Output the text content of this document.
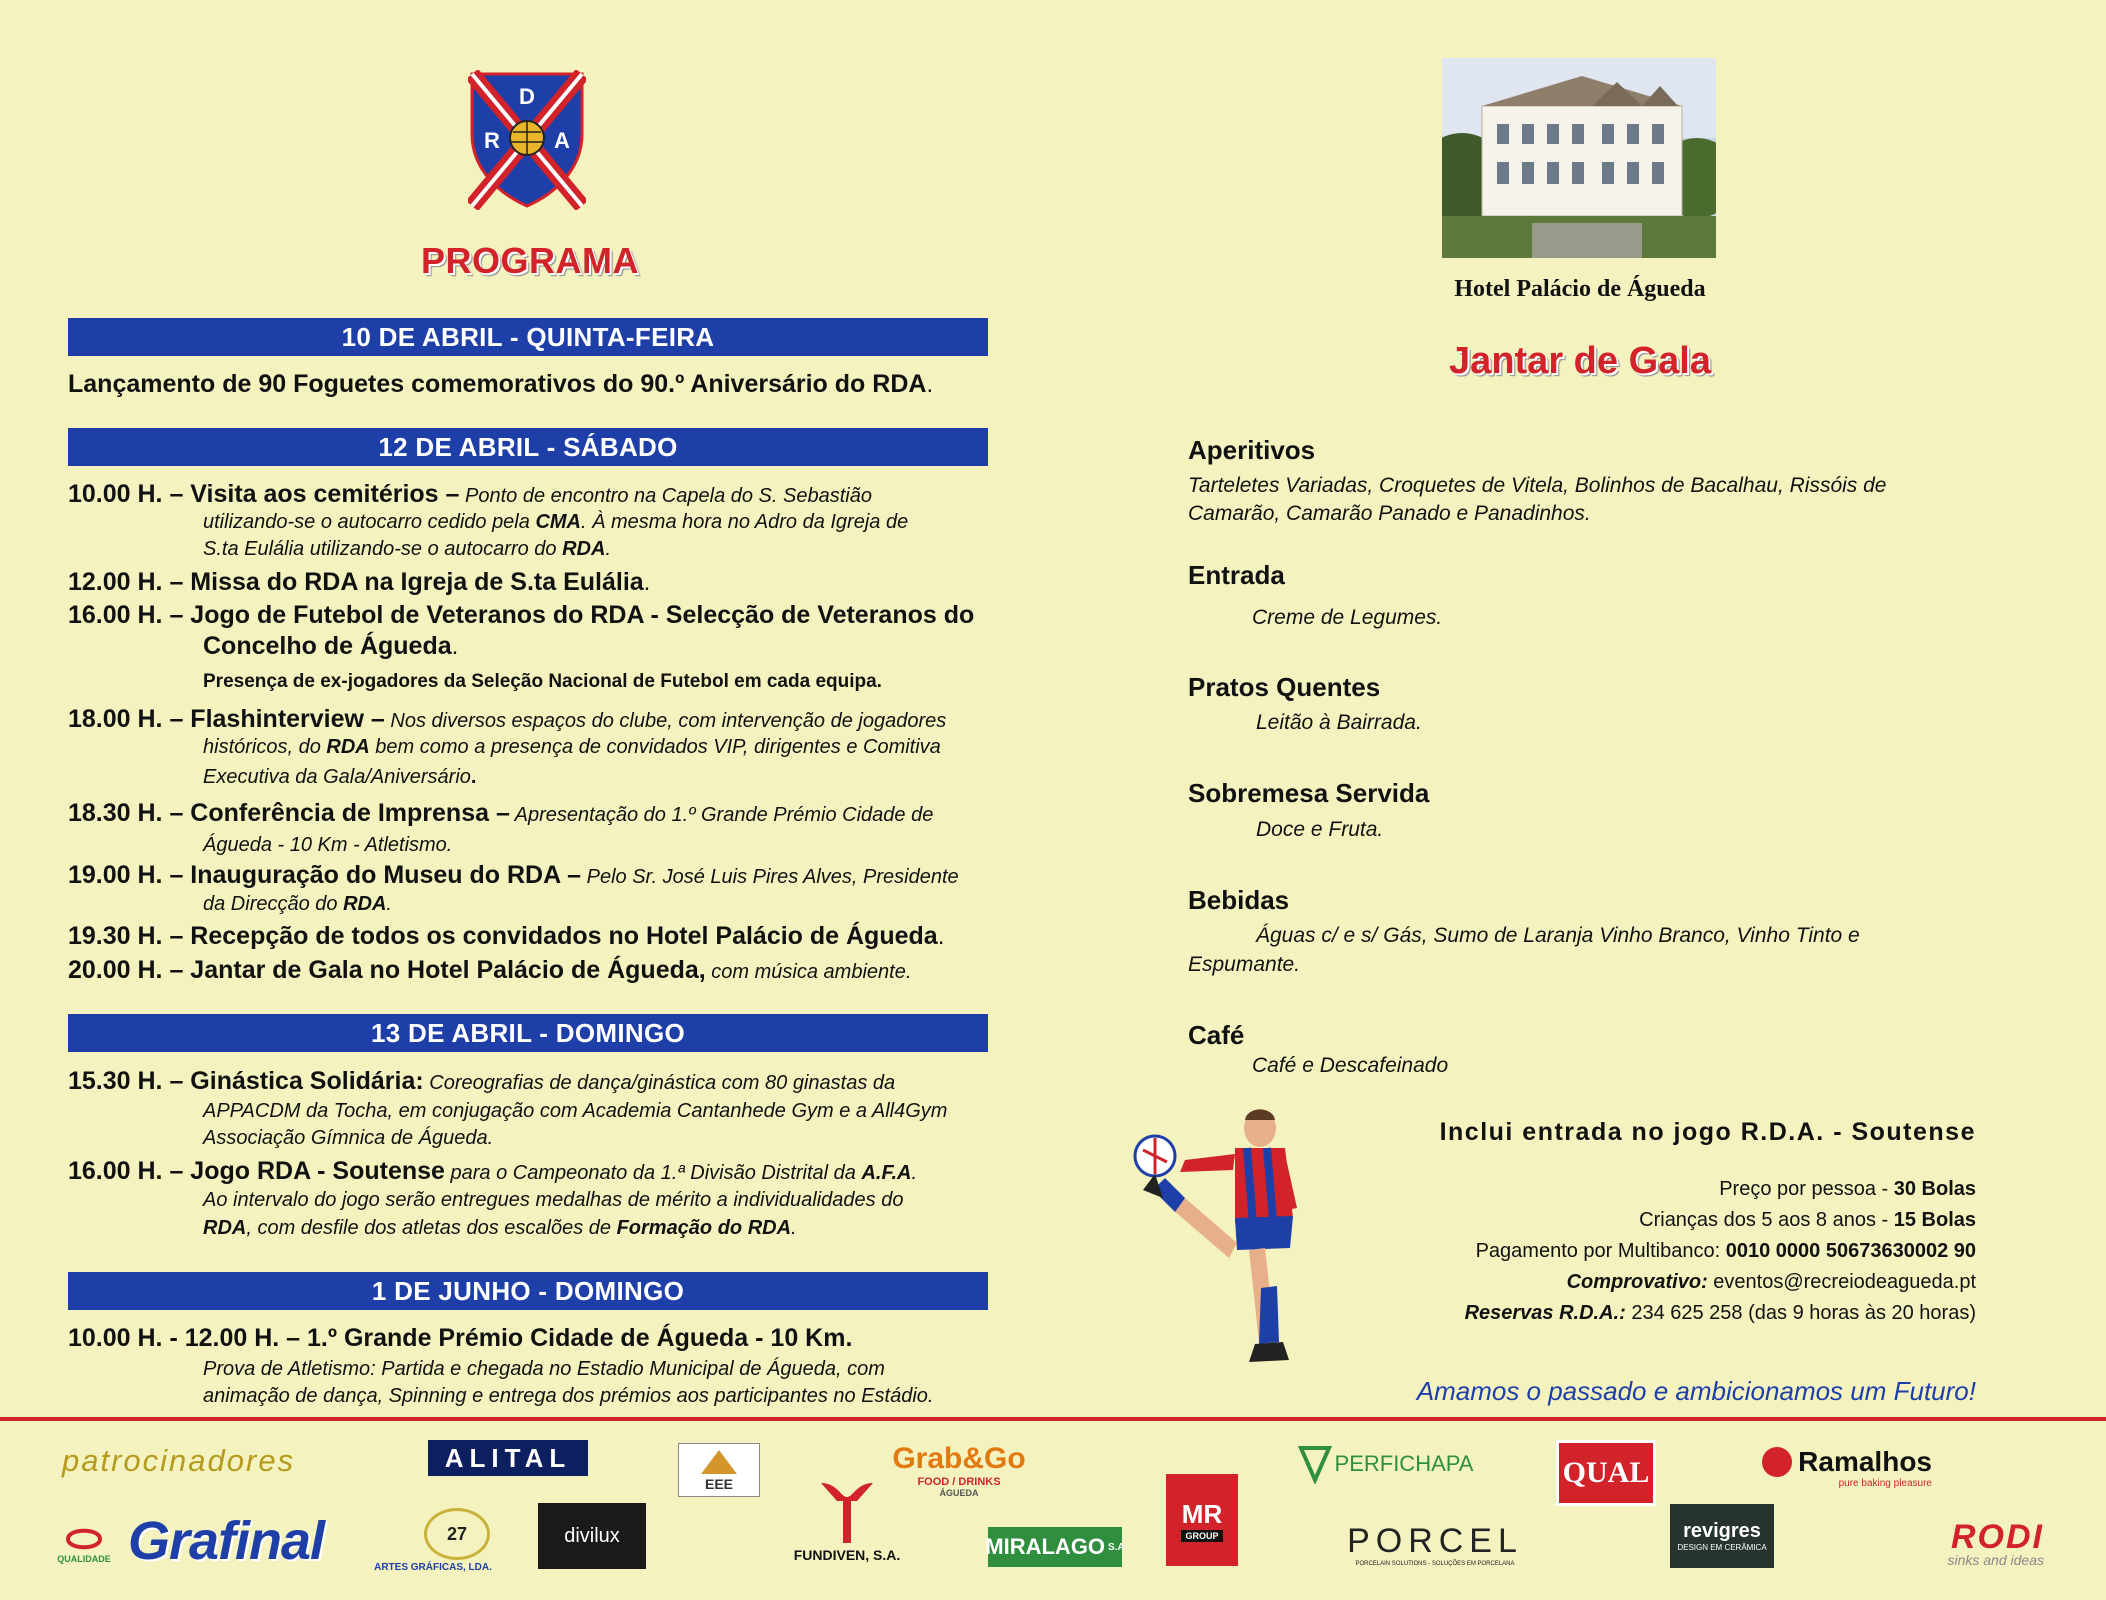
D
R A
PROGRAMA
10 DE ABRIL - QUINTA-FEIRA
Lançamento de 90 Foguetes comemorativos do 90.º Aniversário do RDA.
12 DE ABRIL - SÁBADO
10.00 H. – Visita aos cemitérios – Ponto de encontro na Capela do S. Sebastião
utilizando-se o autocarro cedido pela CMA. À mesma hora no Adro da Igreja de
S.ta Eulália utilizando-se o autocarro do RDA.
12.00 H. – Missa do RDA na Igreja de S.ta Eulália.
16.00 H. – Jogo de Futebol de Veteranos do RDA - Selecção de Veteranos do
Concelho de Águeda.
Presença de ex-jogadores da Seleção Nacional de Futebol em cada equipa.
18.00 H. – Flashinterview – Nos diversos espaços do clube, com intervenção de jogadores
históricos, do RDA bem como a presença de convidados VIP, dirigentes e Comitiva
Executiva da Gala/Aniversário.
18.30 H. – Conferência de Imprensa – Apresentação do 1.º Grande Prémio Cidade de
Águeda - 10 Km - Atletismo.
19.00 H. – Inauguração do Museu do RDA – Pelo Sr. José Luis Pires Alves, Presidente
da Direcção do RDA.
19.30 H. – Recepção de todos os convidados no Hotel Palácio de Águeda.
20.00 H. – Jantar de Gala no Hotel Palácio de Águeda, com música ambiente.
13 DE ABRIL - DOMINGO
15.30 H. – Ginástica Solidária: Coreografias de dança/ginástica com 80 ginastas da
APPACDM da Tocha, em conjugação com Academia Cantanhede Gym e a All4Gym
Associação Gímnica de Águeda.
16.00 H. – Jogo RDA - Soutense para o Campeonato da 1.ª Divisão Distrital da A.F.A.
Ao intervalo do jogo serão entregues medalhas de mérito a individualidades do
RDA, com desfile dos atletas dos escalões de Formação do RDA.
1 DE JUNHO - DOMINGO
10.00 H. - 12.00 H. – 1.º Grande Prémio Cidade de Águeda - 10 Km.
Prova de Atletismo: Partida e chegada no Estadio Municipal de Águeda, com
animação de dança, Spinning e entrega dos prémios aos participantes no Estádio.
Hotel Palácio de Águeda
Jantar de Gala
Aperitivos
Tarteletes Variadas, Croquetes de Vitela, Bolinhos de Bacalhau, Rissóis de
Camarão, Camarão Panado e Panadinhos.
Entrada
Creme de Legumes.
Pratos Quentes
Leitão à Bairrada.
Sobremesa Servida
Doce e Fruta.
Bebidas
Águas c/ e s/ Gás, Sumo de Laranja Vinho Branco, Vinho Tinto e
Espumante.
Café
Café e Descafeinado
Inclui entrada no jogo R.D.A. - Soutense
Preço por pessoa - 30 Bolas
Crianças dos 5 aos 8 anos - 15 Bolas
Pagamento por Multibanco: 0010 0000 50673630002 90
Comprovativo: eventos@recreiodeagueda.pt
Reservas R.D.A.: 234 625 258 (das 9 horas às 20 horas)
Amamos o passado e ambicionamos um Futuro!
patrocinadores	ALITAL
EEE
Grab&Go
FOOD / DRINKS
ÁGUEDA
PERFICHAPA	QUAL	Ramalhos
pure baking pleasure
QUALIDADE Grafinal	ARTES GRÁFICAS, LDA.
27	divilux
FUNDIVEN, S.A.	MIRALAGO S.A
MR
GROUP	PORCEL
PORCELAIN SOLUTIONS - SOLUÇÕES EM PORCELANA
revigres
DESIGN EM CERÂMICA	RODI
sinks and ideas
